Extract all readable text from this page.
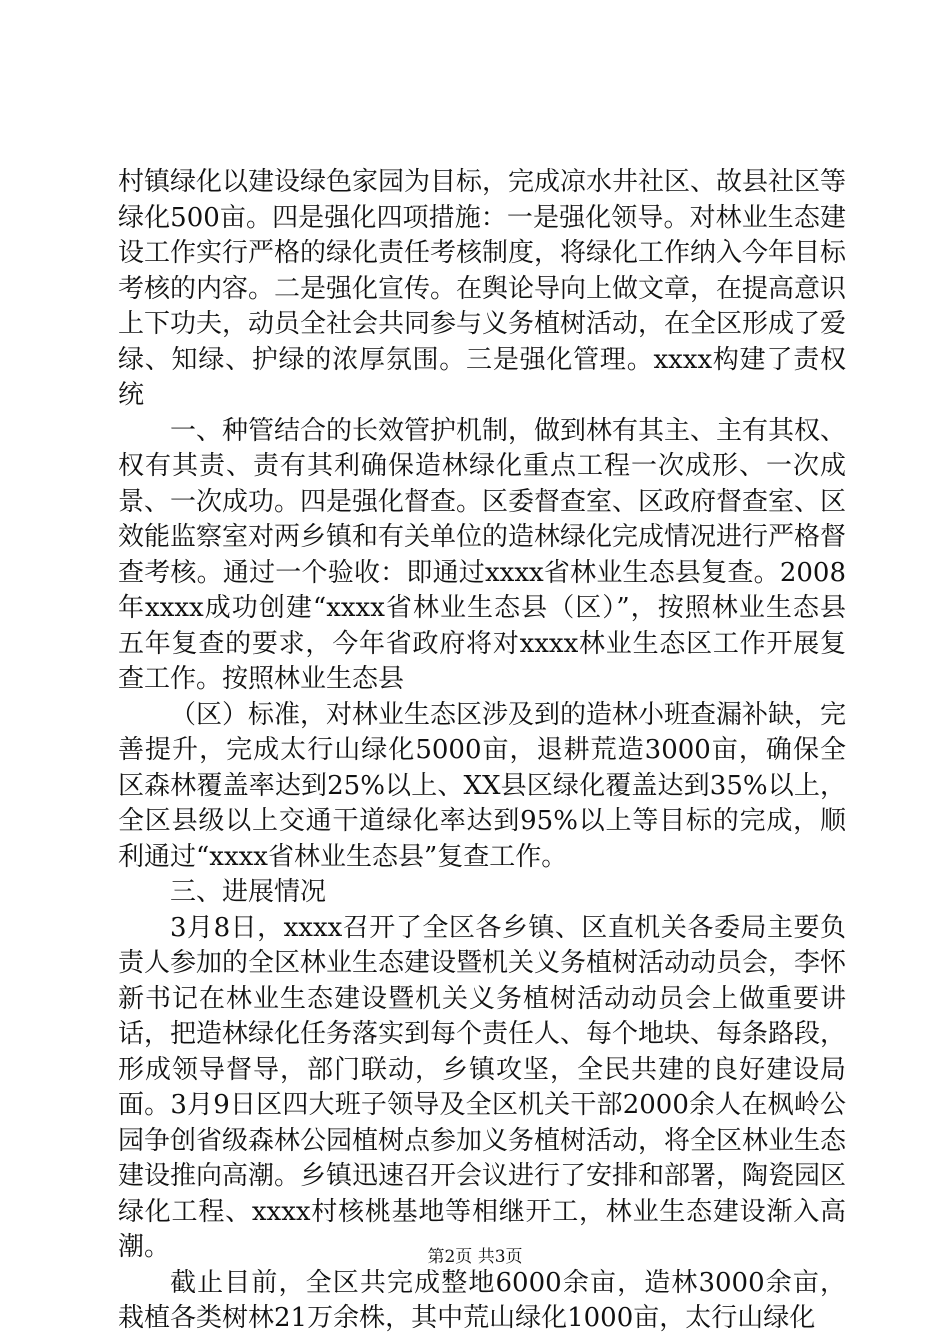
村镇绿化以建设绿色家园为目标，完成凉水井社区、故县社区等绿化500亩。四是强化四项措施：一是强化领导。对林业生态建设工作实行严格的绿化责任考核制度，将绿化工作纳入今年目标考核的内容。二是强化宣传。在舆论导向上做文章，在提高意识上下功夫，动员全社会共同参与义务植树活动，在全区形成了爱绿、知绿、护绿的浓厚氛围。三是强化管理。xxxx构建了责权统

一、种管结合的长效管护机制，做到林有其主、主有其权、权有其责、责有其利确保造林绿化重点工程一次成形、一次成景、一次成功。四是强化督查。区委督查室、区政府督查室、区效能监察室对两乡镇和有关单位的造林绿化完成情况进行严格督查考核。通过一个验收：即通过xxxx省林业生态县复查。2008年xxxx成功创建“xxxx省林业生态县（区）”，按照林业生态县五年复查的要求，今年省政府将对xxxx林业生态区工作开展复查工作。按照林业生态县

（区）标准，对林业生态区涉及到的造林小班查漏补缺，完善提升，完成太行山绿化5000亩，退耕荒造3000亩，确保全区森林覆盖率达到25%以上、XX县区绿化覆盖达到35%以上，全区县级以上交通干道绿化率达到95%以上等目标的完成，顺利通过“xxxx省林业生态县”复查工作。

三、进展情况

3月8日，xxxx召开了全区各乡镇、区直机关各委局主要负责人参加的全区林业生态建设暨机关义务植树活动动员会，李怀新书记在林业生态建设暨机关义务植树活动动员会上做重要讲话，把造林绿化任务落实到每个责任人、每个地块、每条路段，形成领导督导，部门联动，乡镇攻坚，全民共建的良好建设局面。3月9日区四大班子领导及全区机关干部2000余人在枫岭公园争创省级森林公园植树点参加义务植树活动，将全区林业生态建设推向高潮。乡镇迅速召开会议进行了安排和部署，陶瓷园区绿化工程、xxxx村核桃基地等相继开工，林业生态建设渐入高潮。

截止目前，全区共完成整地6000余亩，造林3000余亩，栽植各类树林21万余株，其中荒山绿化1000亩，太行山绿化

第2页 共3页
